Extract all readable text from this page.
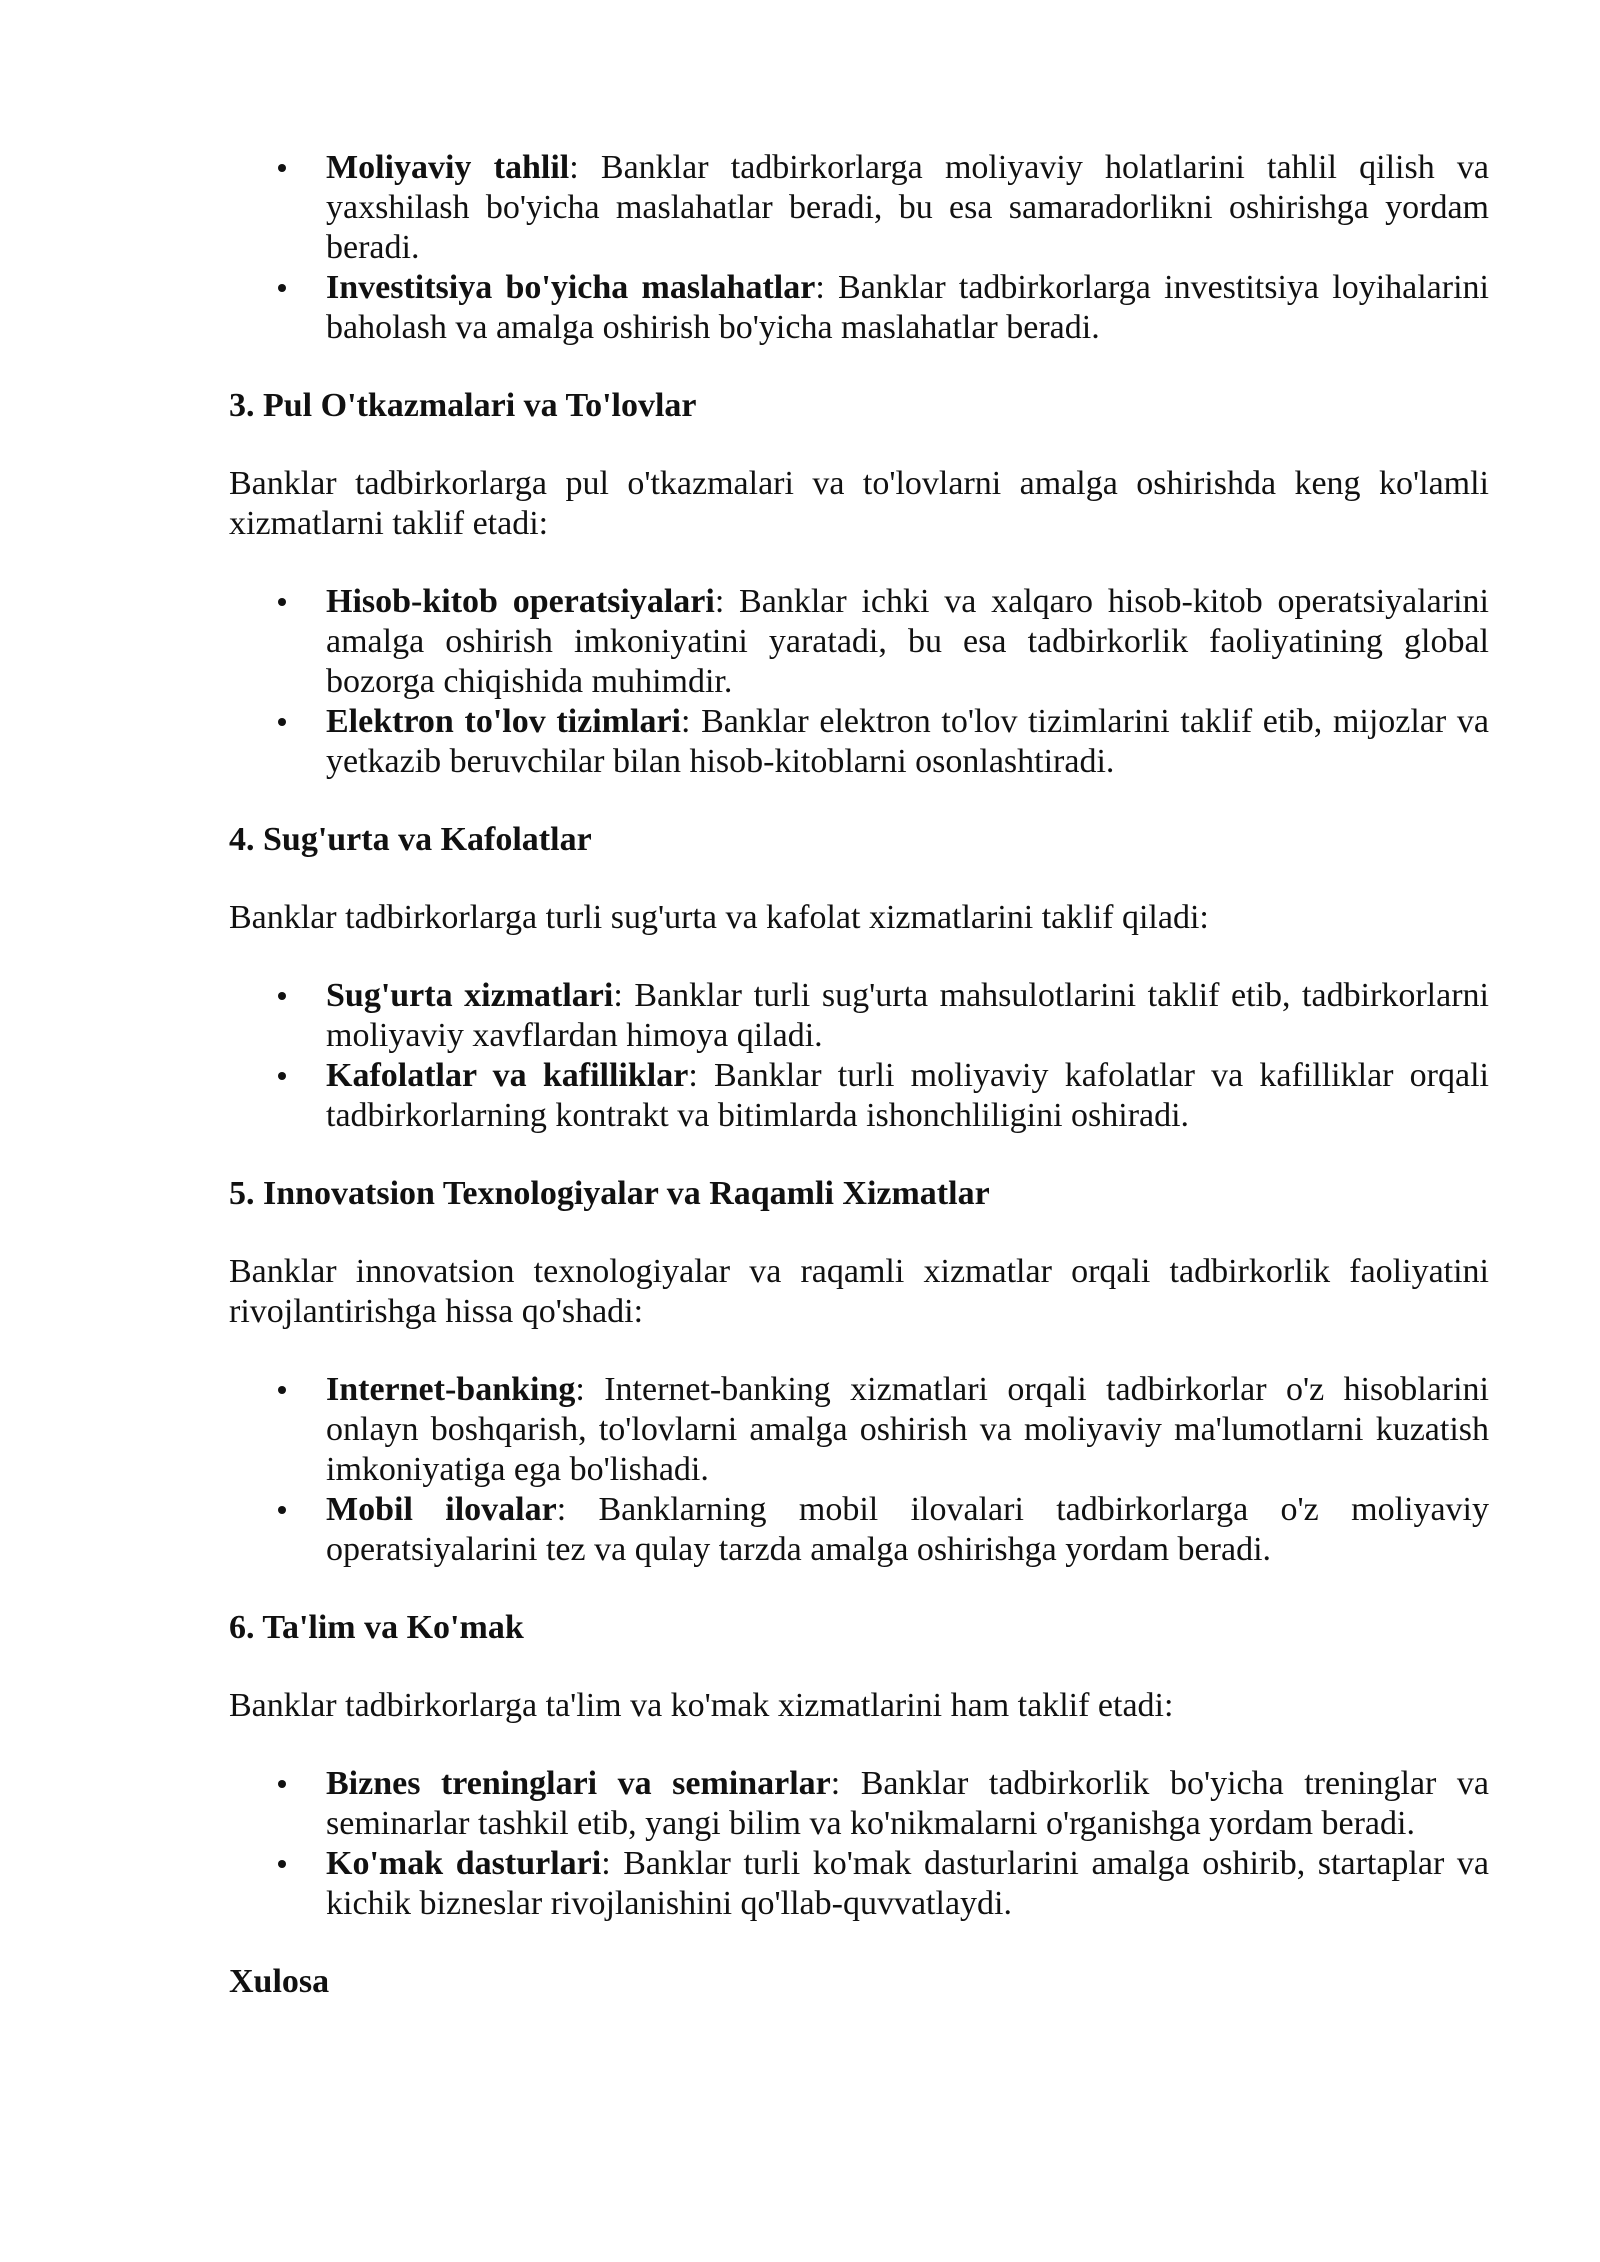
Moliyaviy tahlil: Banklar tadbirkorlarga moliyaviy holatlarini tahlil qilish va yaxshilash bo'yicha maslahatlar beradi, bu esa samaradorlikni oshirishga yordam beradi.
Investitsiya bo'yicha maslahatlar: Banklar tadbirkorlarga investitsiya loyihalarini baholash va amalga oshirish bo'yicha maslahatlar beradi.
3. Pul O'tkazmalari va To'lovlar

Banklar tadbirkorlarga pul o'tkazmalari va to'lovlarni amalga oshirishda keng ko'lamli xizmatlarni taklif etadi:

Hisob-kitob operatsiyalari: Banklar ichki va xalqaro hisob-kitob operatsiyalarini amalga oshirish imkoniyatini yaratadi, bu esa tadbirkorlik faoliyatining global bozorga chiqishida muhimdir.
Elektron to'lov tizimlari: Banklar elektron to'lov tizimlarini taklif etib, mijozlar va yetkazib beruvchilar bilan hisob-kitoblarni osonlashtiradi.
4. Sug'urta va Kafolatlar

Banklar tadbirkorlarga turli sug'urta va kafolat xizmatlarini taklif qiladi:

Sug'urta xizmatlari: Banklar turli sug'urta mahsulotlarini taklif etib, tadbirkorlarni moliyaviy xavflardan himoya qiladi.
Kafolatlar va kafilliklar: Banklar turli moliyaviy kafolatlar va kafilliklar orqali tadbirkorlarning kontrakt va bitimlarda ishonchliligini oshiradi.
5. Innovatsion Texnologiyalar va Raqamli Xizmatlar

Banklar innovatsion texnologiyalar va raqamli xizmatlar orqali tadbirkorlik faoliyatini rivojlantirishga hissa qo'shadi:

Internet-banking: Internet-banking xizmatlari orqali tadbirkorlar o'z hisoblarini onlayn boshqarish, to'lovlarni amalga oshirish va moliyaviy ma'lumotlarni kuzatish imkoniyatiga ega bo'lishadi.
Mobil ilovalar: Banklarning mobil ilovalari tadbirkorlarga o'z moliyaviy operatsiyalarini tez va qulay tarzda amalga oshirishga yordam beradi.
6. Ta'lim va Ko'mak

Banklar tadbirkorlarga ta'lim va ko'mak xizmatlarini ham taklif etadi:

Biznes treninglari va seminarlar: Banklar tadbirkorlik bo'yicha treninglar va seminarlar tashkil etib, yangi bilim va ko'nikmalarni o'rganishga yordam beradi.
Ko'mak dasturlari: Banklar turli ko'mak dasturlarini amalga oshirib, startaplar va kichik bizneslar rivojlanishini qo'llab-quvvatlaydi.
Xulosa
